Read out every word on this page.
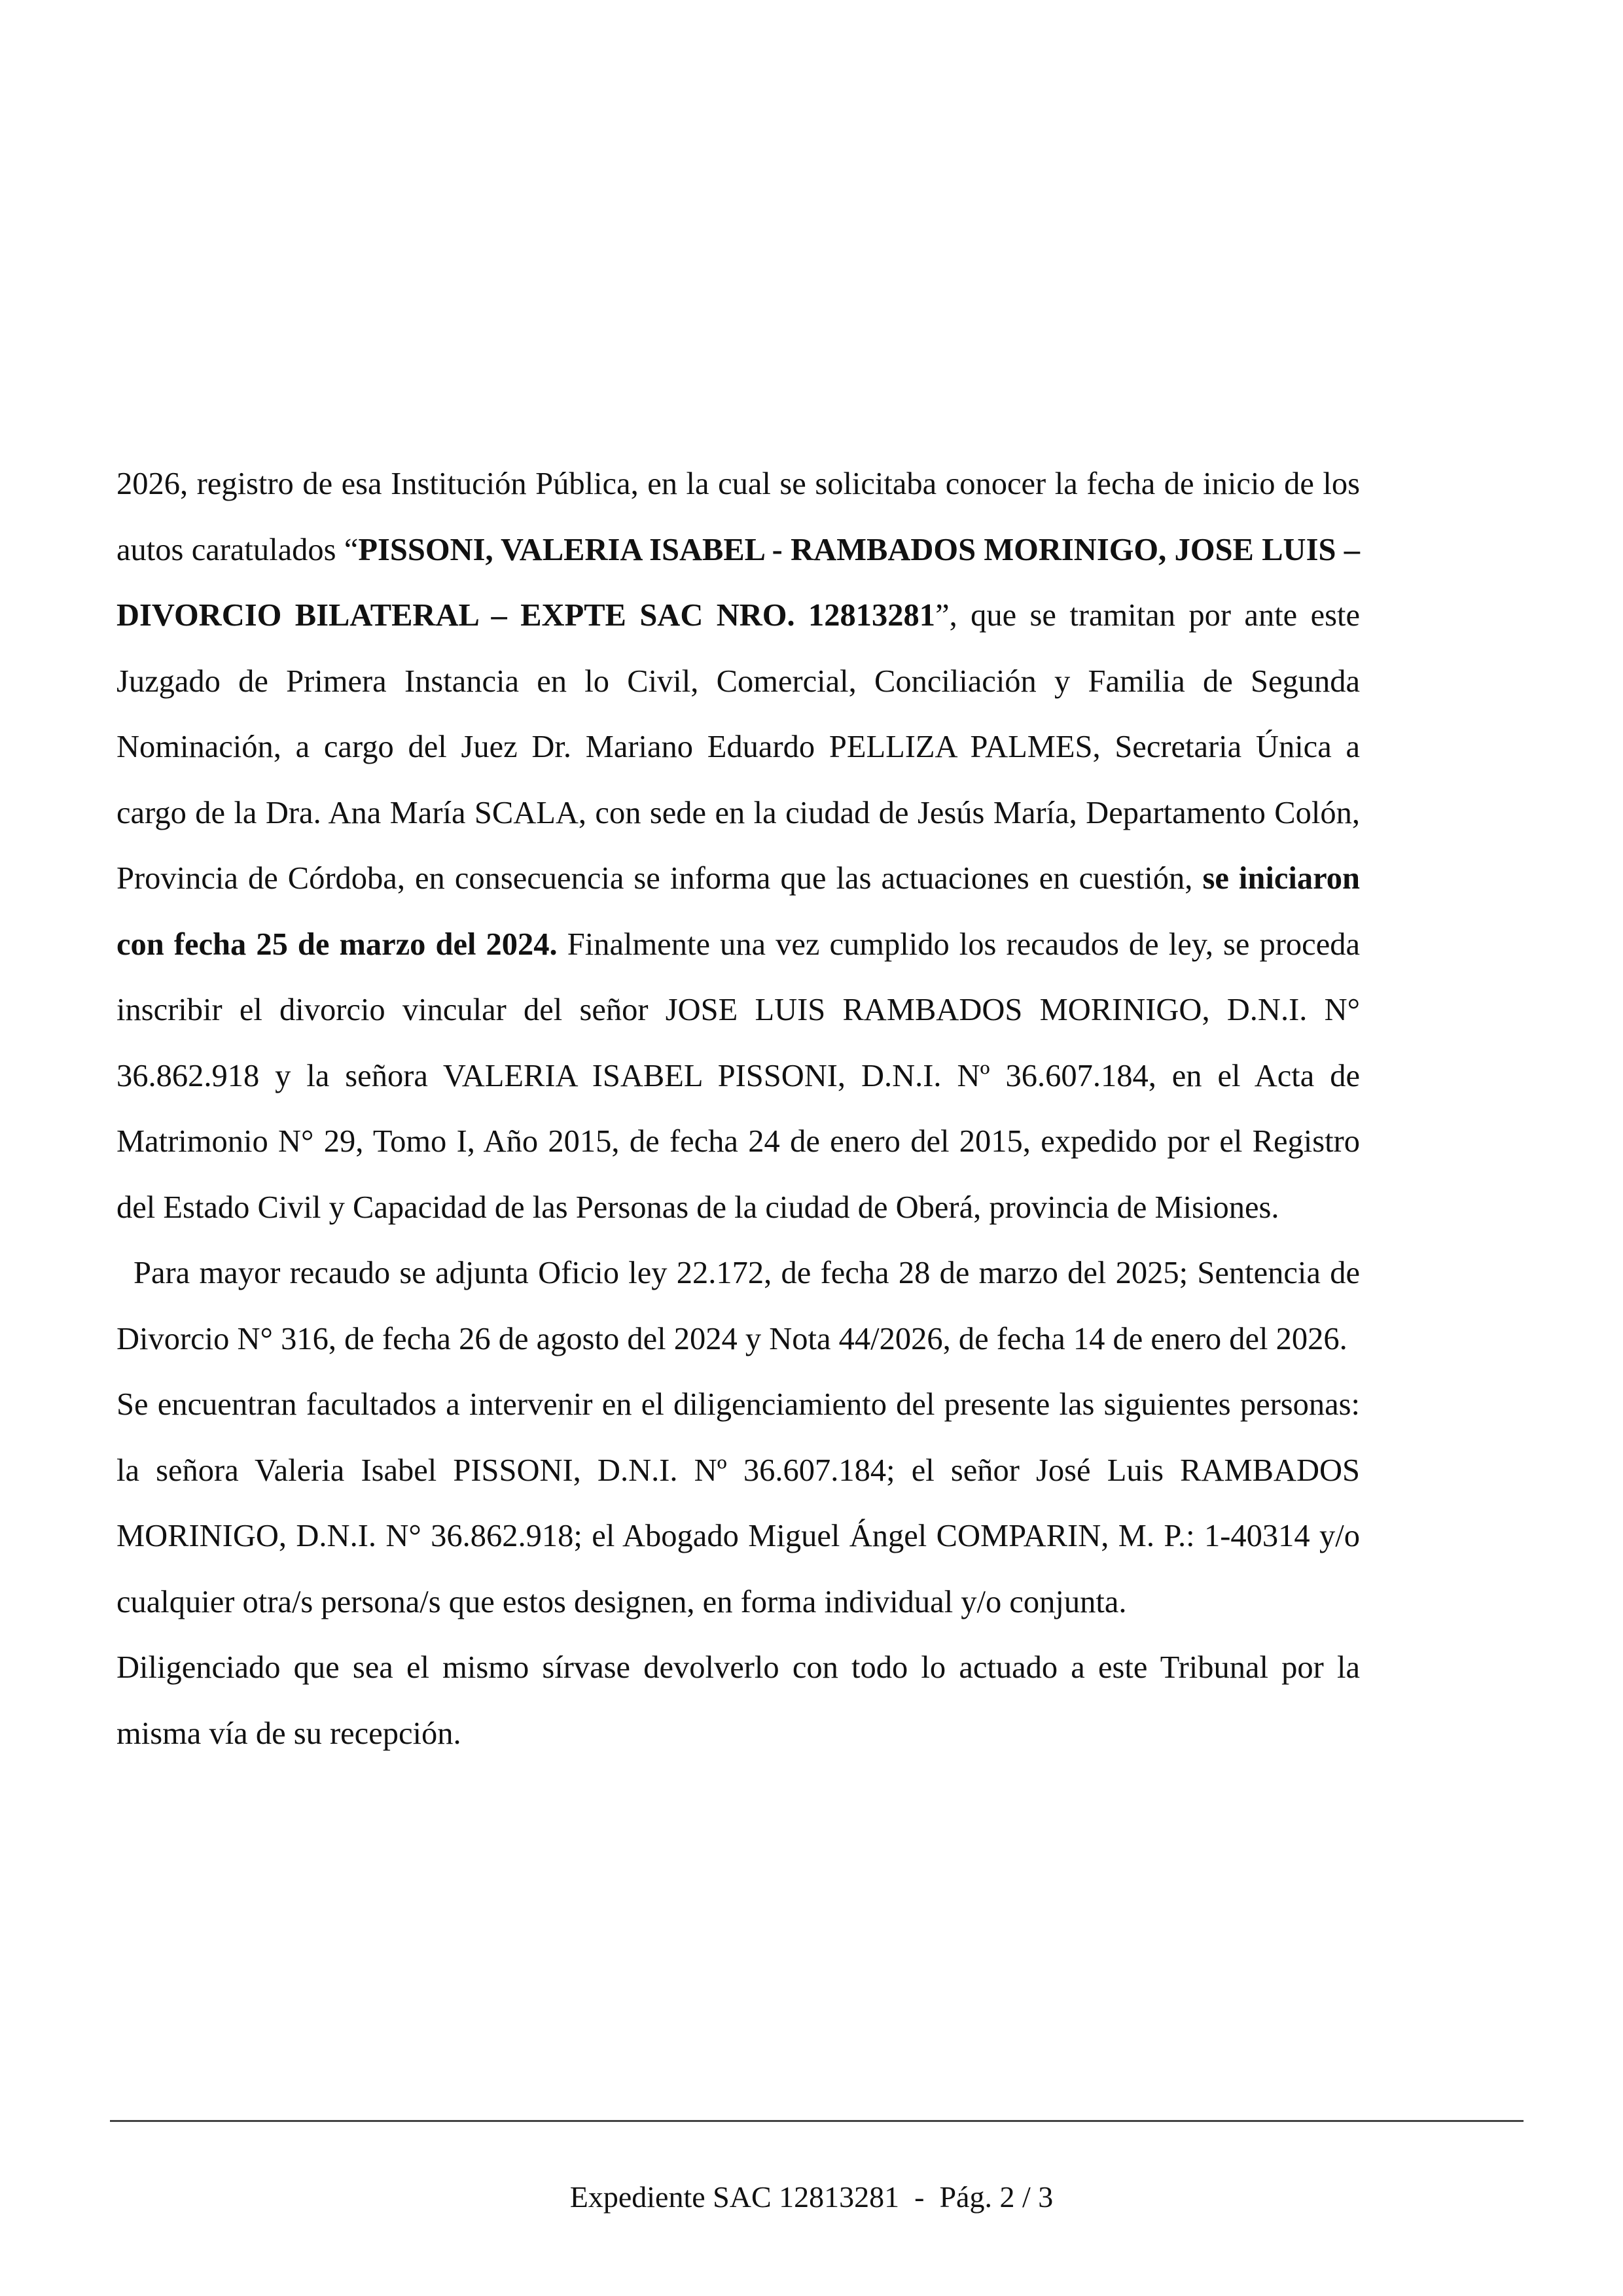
2026, registro de esa Institución Pública, en la cual se solicitaba conocer la fecha de inicio de los autos caratulados “PISSONI, VALERIA ISABEL - RAMBADOS MORINIGO, JOSE LUIS – DIVORCIO BILATERAL – EXPTE SAC NRO. 12813281”, que se tramitan por ante este Juzgado de Primera Instancia en lo Civil, Comercial, Conciliación y Familia de Segunda Nominación, a cargo del Juez Dr. Mariano Eduardo PELLIZA PALMES, Secretaria Única a cargo de la Dra. Ana María SCALA, con sede en la ciudad de Jesús María, Departamento Colón, Provincia de Córdoba, en consecuencia se informa que las actuaciones en cuestión, se iniciaron con fecha 25 de marzo del 2024. Finalmente una vez cumplido los recaudos de ley, se proceda inscribir el divorcio vincular del señor JOSE LUIS RAMBADOS MORINIGO, D.N.I. N° 36.862.918 y la señora VALERIA ISABEL PISSONI, D.N.I. Nº 36.607.184, en el Acta de Matrimonio N° 29, Tomo I, Año 2015, de fecha 24 de enero del 2015, expedido por el Registro del Estado Civil y Capacidad de las Personas de la ciudad de Oberá, provincia de Misiones.

Para mayor recaudo se adjunta Oficio ley 22.172, de fecha 28 de marzo del 2025; Sentencia de Divorcio N° 316, de fecha 26 de agosto del 2024 y Nota 44/2026, de fecha 14 de enero del 2026.

Se encuentran facultados a intervenir en el diligenciamiento del presente las siguientes personas: la señora Valeria Isabel PISSONI, D.N.I. Nº 36.607.184; el señor José Luis RAMBADOS MORINIGO, D.N.I. N° 36.862.918; el Abogado Miguel Ángel COMPARIN, M. P.: 1-40314 y/o cualquier otra/s persona/s que estos designen, en forma individual y/o conjunta.

Diligenciado que sea el mismo sírvase devolverlo con todo lo actuado a este Tribunal por la misma vía de su recepción.

Expediente SAC 12813281  -  Pág. 2 / 3
